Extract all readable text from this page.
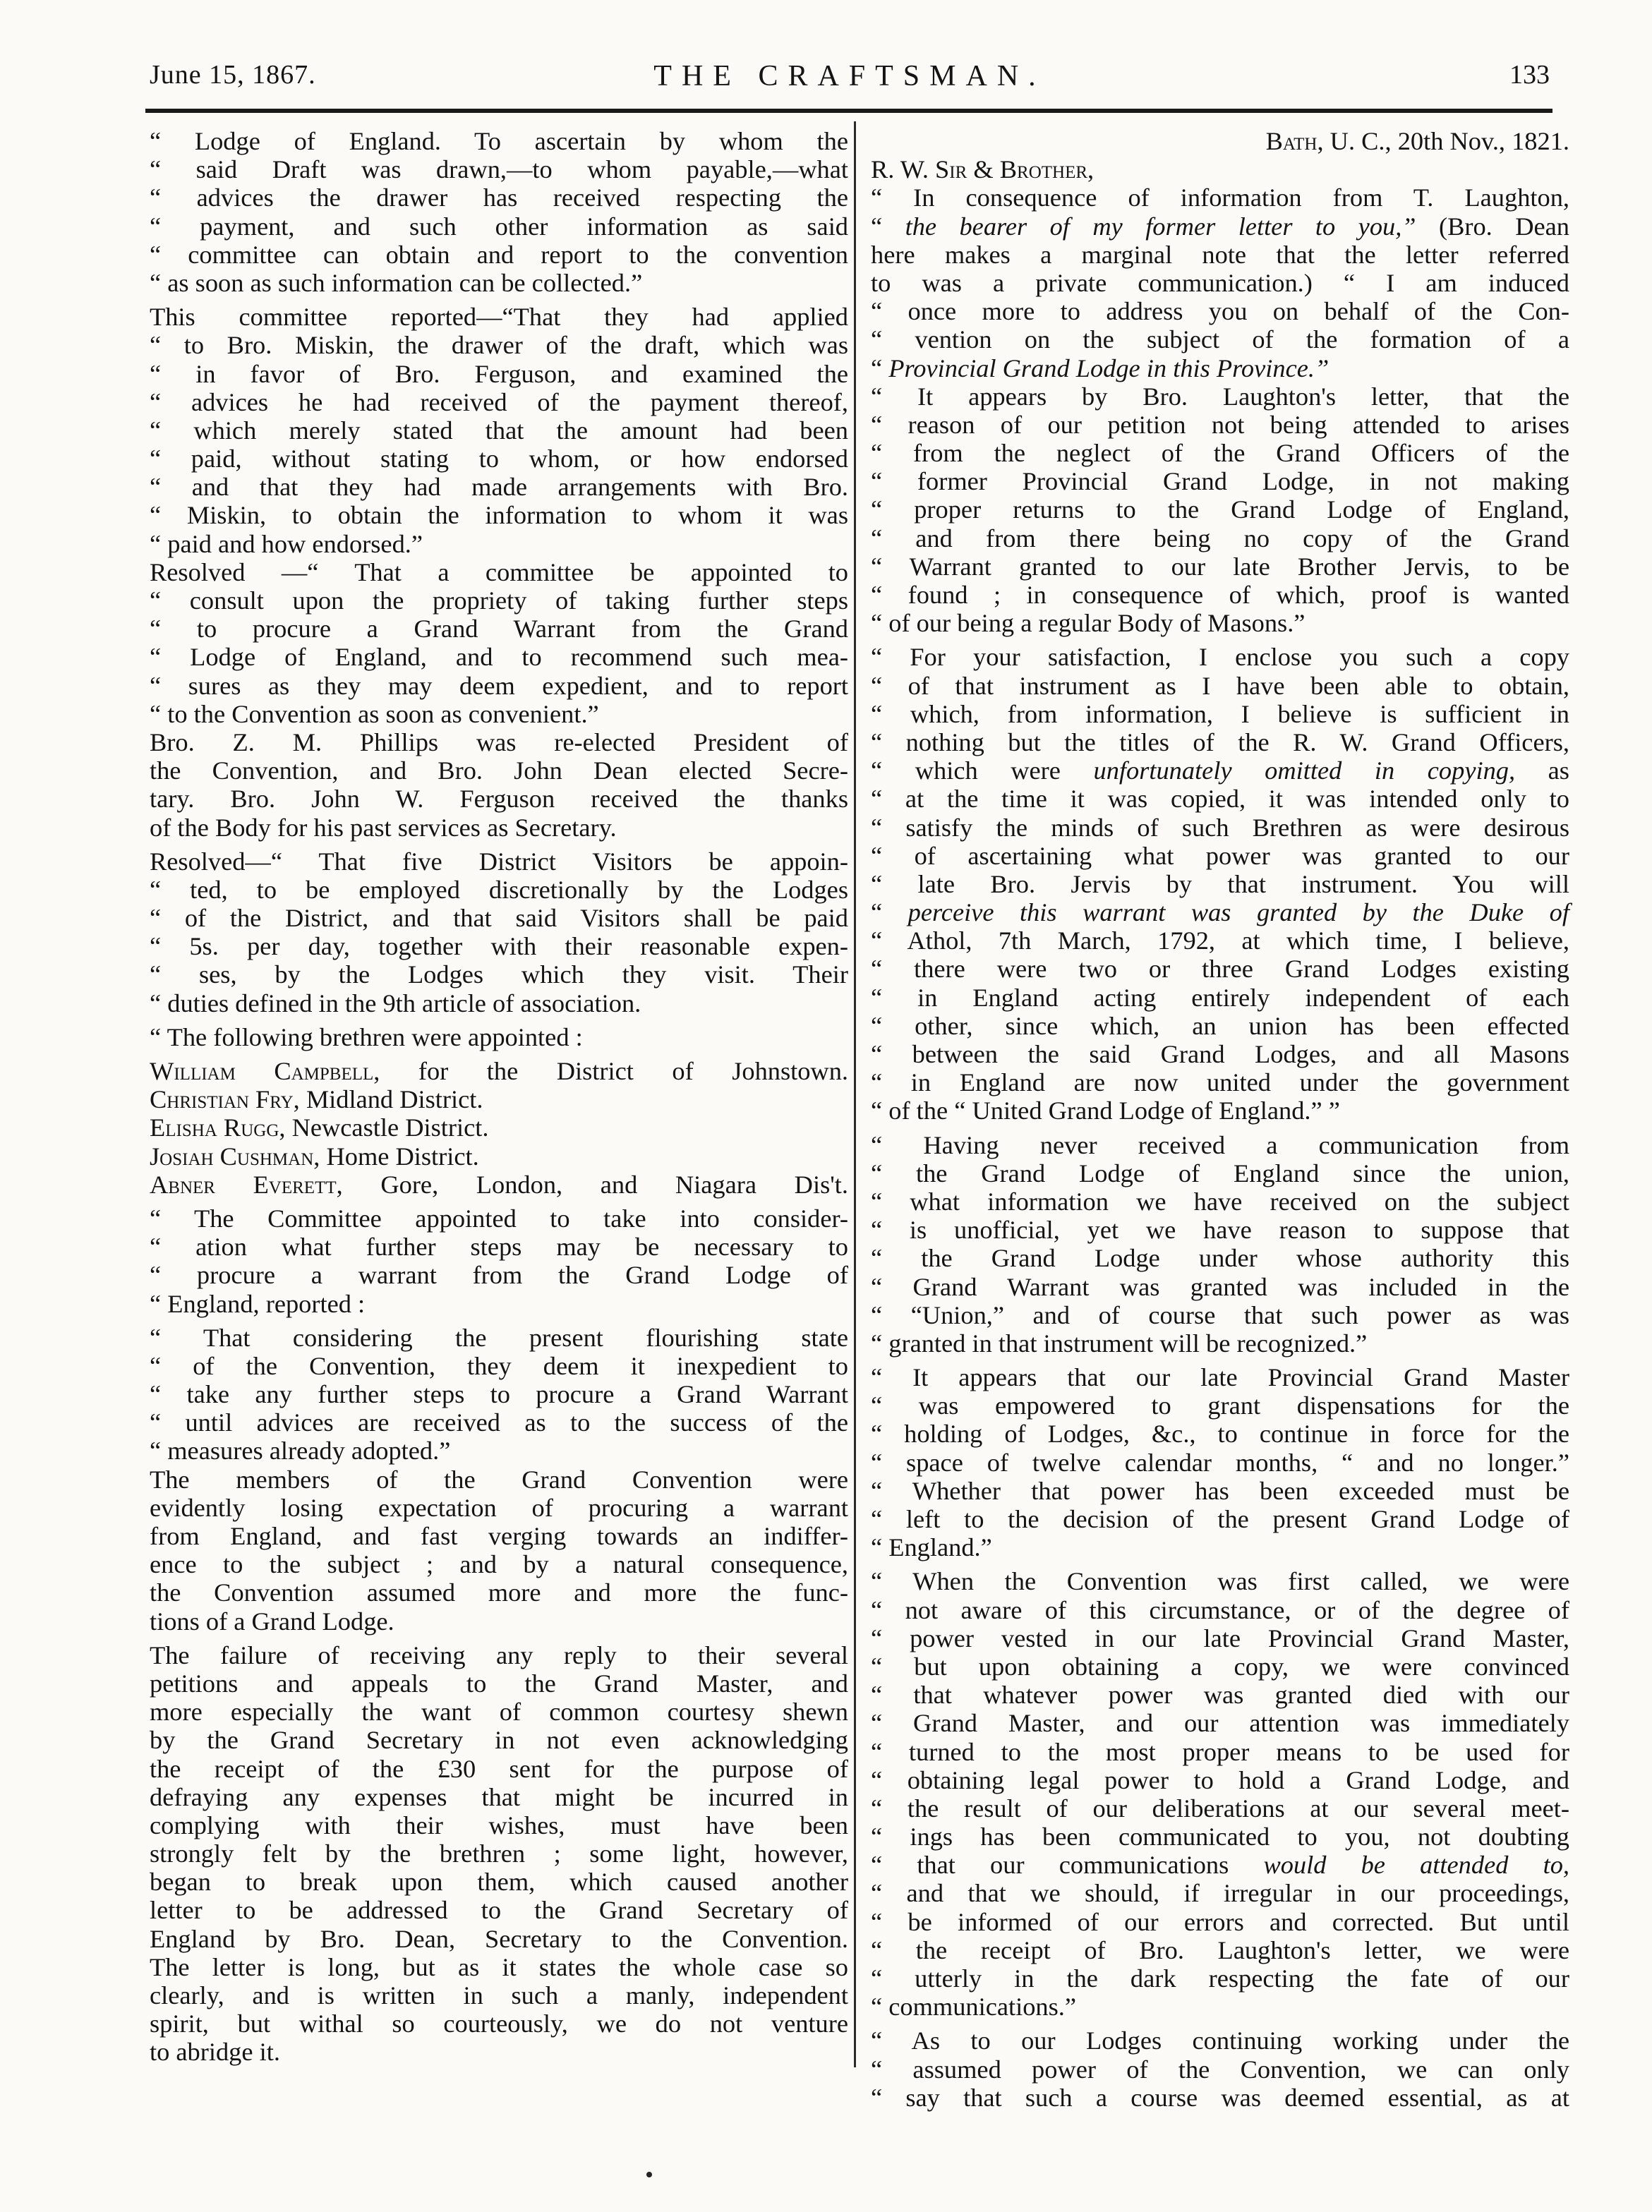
June 15, 1867.	THE CRAFTSMAN.	133
“ Lodge of England. To ascertain by whom the
“ said Draft was drawn,—to whom payable,—what
“ advices the drawer has received respecting the
“ payment, and such other information as said
“ committee can obtain and report to the convention
“ as soon as such information can be collected.”
This committee reported—“That they had applied
“ to Bro. Miskin, the drawer of the draft, which was
“ in favor of Bro. Ferguson, and examined the
“ advices he had received of the payment thereof,
“ which merely stated that the amount had been
“ paid, without stating to whom, or how endorsed
“ and that they had made arrangements with Bro.
“ Miskin, to obtain the information to whom it was
“ paid and how endorsed.”
Resolved —“ That a committee be appointed to
“ consult upon the propriety of taking further steps
“ to procure a Grand Warrant from the Grand
“ Lodge of England, and to recommend such mea-
“ sures as they may deem expedient, and to report
“ to the Convention as soon as convenient.”
Bro. Z. M. Phillips was re-elected President of
the Convention, and Bro. John Dean elected Secre-
tary. Bro. John W. Ferguson received the thanks
of the Body for his past services as Secretary.
Resolved—“ That five District Visitors be appoin-
“ ted, to be employed discretionally by the Lodges
“ of the District, and that said Visitors shall be paid
“ 5s. per day, together with their reasonable expen-
“ ses, by the Lodges which they visit. Their
“ duties defined in the 9th article of association.
“ The following brethren were appointed :
William Campbell, for the District of Johnstown.
Christian Fry, Midland District.
Elisha Rugg, Newcastle District.
Josiah Cushman, Home District.
Abner Everett, Gore, London, and Niagara Dis't.
“ The Committee appointed to take into consider-
“ ation what further steps may be necessary to
“ procure a warrant from the Grand Lodge of
“ England, reported :
“ That considering the present flourishing state
“ of the Convention, they deem it inexpedient to
“ take any further steps to procure a Grand Warrant
“ until advices are received as to the success of the
“ measures already adopted.”
The members of the Grand Convention were
evidently losing expectation of procuring a warrant
from England, and fast verging towards an indiffer-
ence to the subject ; and by a natural consequence,
the Convention assumed more and more the func-
tions of a Grand Lodge.
The failure of receiving any reply to their several
petitions and appeals to the Grand Master, and
more especially the want of common courtesy shewn
by the Grand Secretary in not even acknowledging
the receipt of the £30 sent for the purpose of
defraying any expenses that might be incurred in
complying with their wishes, must have been
strongly felt by the brethren ; some light, however,
began to break upon them, which caused another
letter to be addressed to the Grand Secretary of
England by Bro. Dean, Secretary to the Convention.
The letter is long, but as it states the whole case so
clearly, and is written in such a manly, independent
spirit, but withal so courteously, we do not venture
to abridge it.
Bath, U. C., 20th Nov., 1821.
R. W. Sir & Brother,
“ In consequence of information from T. Laughton,
“ the bearer of my former letter to you,” (Bro. Dean
here makes a marginal note that the letter referred
to was a private communication.) “ I am induced
“ once more to address you on behalf of the Con-
“ vention on the subject of the formation of a
“ Provincial Grand Lodge in this Province.”
“ It appears by Bro. Laughton's letter, that the
“ reason of our petition not being attended to arises
“ from the neglect of the Grand Officers of the
“ former Provincial Grand Lodge, in not making
“ proper returns to the Grand Lodge of England,
“ and from there being no copy of the Grand
“ Warrant granted to our late Brother Jervis, to be
“ found ; in consequence of which, proof is wanted
“ of our being a regular Body of Masons.”
“ For your satisfaction, I enclose you such a copy
“ of that instrument as I have been able to obtain,
“ which, from information, I believe is sufficient in
“ nothing but the titles of the R. W. Grand Officers,
“ which were unfortunately omitted in copying, as
“ at the time it was copied, it was intended only to
“ satisfy the minds of such Brethren as were desirous
“ of ascertaining what power was granted to our
“ late Bro. Jervis by that instrument. You will
“ perceive this warrant was granted by the Duke of
“ Athol, 7th March, 1792, at which time, I believe,
“ there were two or three Grand Lodges existing
“ in England acting entirely independent of each
“ other, since which, an union has been effected
“ between the said Grand Lodges, and all Masons
“ in England are now united under the government
“ of the “ United Grand Lodge of England.” ”
“ Having never received a communication from
“ the Grand Lodge of England since the union,
“ what information we have received on the subject
“ is unofficial, yet we have reason to suppose that
“ the Grand Lodge under whose authority this
“ Grand Warrant was granted was included in the
“ “Union,” and of course that such power as was
“ granted in that instrument will be recognized.”
“ It appears that our late Provincial Grand Master
“ was empowered to grant dispensations for the
“ holding of Lodges, &c., to continue in force for the
“ space of twelve calendar months, “ and no longer.”
“ Whether that power has been exceeded must be
“ left to the decision of the present Grand Lodge of
“ England.”
“ When the Convention was first called, we were
“ not aware of this circumstance, or of the degree of
“ power vested in our late Provincial Grand Master,
“ but upon obtaining a copy, we were convinced
“ that whatever power was granted died with our
“ Grand Master, and our attention was immediately
“ turned to the most proper means to be used for
“ obtaining legal power to hold a Grand Lodge, and
“ the result of our deliberations at our several meet-
“ ings has been communicated to you, not doubting
“ that our communications would be attended to,
“ and that we should, if irregular in our proceedings,
“ be informed of our errors and corrected. But until
“ the receipt of Bro. Laughton's letter, we were
“ utterly in the dark respecting the fate of our
“ communications.”
“ As to our Lodges continuing working under the
“ assumed power of the Convention, we can only
“ say that such a course was deemed essential, as at
